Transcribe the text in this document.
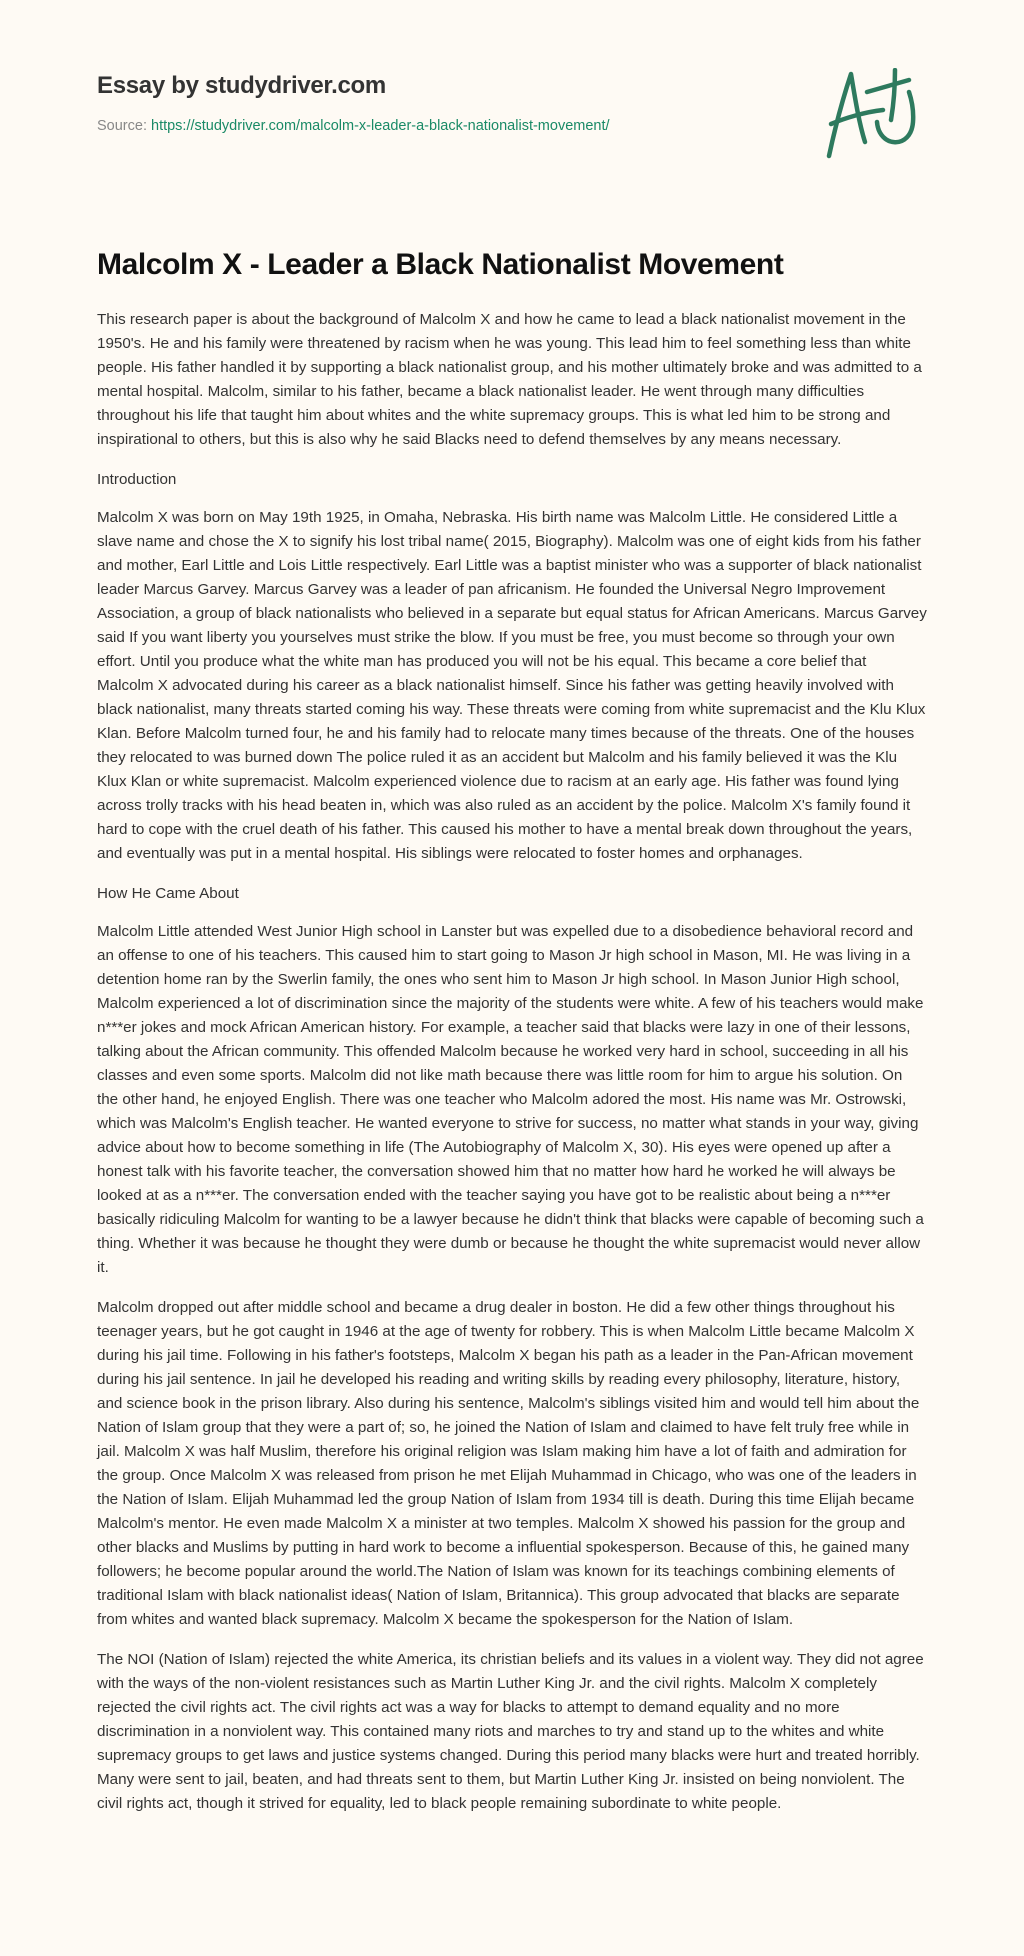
Essay by studydriver.com
Source: https://studydriver.com/malcolm-x-leader-a-black-nationalist-movement/
Malcolm X - Leader a Black Nationalist Movement

This research paper is about the background of Malcolm X and how he came to lead a black nationalist movement in the 1950's. He and his family were threatened by racism when he was young. This lead him to feel something less than white people. His father handled it by supporting a black nationalist group, and his mother ultimately broke and was admitted to a mental hospital. Malcolm, similar to his father, became a black nationalist leader. He went through many difficulties throughout his life that taught him about whites and the white supremacy groups. This is what led him to be strong and inspirational to others, but this is also why he said Blacks need to defend themselves by any means necessary.

Introduction

Malcolm X was born on May 19th 1925, in Omaha, Nebraska. His birth name was Malcolm Little. He considered Little a slave name and chose the X to signify his lost tribal name( 2015, Biography). Malcolm was one of eight kids from his father and mother, Earl Little and Lois Little respectively. Earl Little was a baptist minister who was a supporter of black nationalist leader Marcus Garvey. Marcus Garvey was a leader of pan africanism. He founded the Universal Negro Improvement Association, a group of black nationalists who believed in a separate but equal status for African Americans. Marcus Garvey said If you want liberty you yourselves must strike the blow. If you must be free, you must become so through your own effort. Until you produce what the white man has produced you will not be his equal. This became a core belief that Malcolm X advocated during his career as a black nationalist himself. Since his father was getting heavily involved with black nationalist, many threats started coming his way. These threats were coming from white supremacist and the Klu Klux Klan. Before Malcolm turned four, he and his family had to relocate many times because of the threats. One of the houses they relocated to was burned down The police ruled it as an accident but Malcolm and his family believed it was the Klu Klux Klan or white supremacist. Malcolm experienced violence due to racism at an early age. His father was found lying across trolly tracks with his head beaten in, which was also ruled as an accident by the police. Malcolm X's family found it hard to cope with the cruel death of his father. This caused his mother to have a mental break down throughout the years, and eventually was put in a mental hospital. His siblings were relocated to foster homes and orphanages.

How He Came About

Malcolm Little attended West Junior High school in Lanster but was expelled due to a disobedience behavioral record and an offense to one of his teachers. This caused him to start going to Mason Jr high school in Mason, MI. He was living in a detention home ran by the Swerlin family, the ones who sent him to Mason Jr high school. In Mason Junior High school, Malcolm experienced a lot of discrimination since the majority of the students were white. A few of his teachers would make n***er jokes and mock African American history. For example, a teacher said that blacks were lazy in one of their lessons, talking about the African community. This offended Malcolm because he worked very hard in school, succeeding in all his classes and even some sports. Malcolm did not like math because there was little room for him to argue his solution. On the other hand, he enjoyed English. There was one teacher who Malcolm adored the most. His name was Mr. Ostrowski, which was Malcolm's English teacher. He wanted everyone to strive for success, no matter what stands in your way, giving advice about how to become something in life (The Autobiography of Malcolm X, 30). His eyes were opened up after a honest talk with his favorite teacher, the conversation showed him that no matter how hard he worked he will always be looked at as a n***er. The conversation ended with the teacher saying you have got to be realistic about being a n***er basically ridiculing Malcolm for wanting to be a lawyer because he didn't think that blacks were capable of becoming such a thing. Whether it was because he thought they were dumb or because he thought the white supremacist would never allow it.

Malcolm dropped out after middle school and became a drug dealer in boston. He did a few other things throughout his teenager years, but he got caught in 1946 at the age of twenty for robbery. This is when Malcolm Little became Malcolm X during his jail time. Following in his father's footsteps, Malcolm X began his path as a leader in the Pan-African movement during his jail sentence. In jail he developed his reading and writing skills by reading every philosophy, literature, history, and science book in the prison library. Also during his sentence, Malcolm's siblings visited him and would tell him about the Nation of Islam group that they were a part of; so, he joined the Nation of Islam and claimed to have felt truly free while in jail. Malcolm X was half Muslim, therefore his original religion was Islam making him have a lot of faith and admiration for the group. Once Malcolm X was released from prison he met Elijah Muhammad in Chicago, who was one of the leaders in the Nation of Islam. Elijah Muhammad led the group Nation of Islam from 1934 till is death. During this time Elijah became Malcolm's mentor. He even made Malcolm X a minister at two temples. Malcolm X showed his passion for the group and other blacks and Muslims by putting in hard work to become a influential spokesperson. Because of this, he gained many followers; he become popular around the world.The Nation of Islam was known for its teachings combining elements of traditional Islam with black nationalist ideas( Nation of Islam, Britannica). This group advocated that blacks are separate from whites and wanted black supremacy. Malcolm X became the spokesperson for the Nation of Islam.

The NOI (Nation of Islam) rejected the white America, its christian beliefs and its values in a violent way. They did not agree with the ways of the non-violent resistances such as Martin Luther King Jr. and the civil rights. Malcolm X completely rejected the civil rights act. The civil rights act was a way for blacks to attempt to demand equality and no more discrimination in a nonviolent way. This contained many riots and marches to try and stand up to the whites and white supremacy groups to get laws and justice systems changed. During this period many blacks were hurt and treated horribly. Many were sent to jail, beaten, and had threats sent to them, but Martin Luther King Jr. insisted on being nonviolent. The civil rights act, though it strived for equality, led to black people remaining subordinate to white people.
